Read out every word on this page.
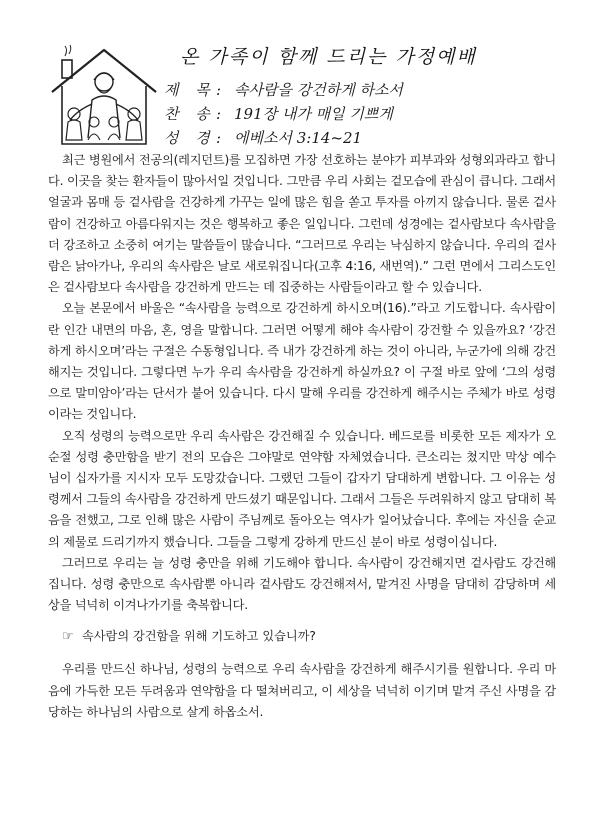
온 가족이 함께 드리는 가정예배
제 목: 속사람을 강건하게 하소서
찬 송: 191장 내가 매일 기쁘게
성 경: 에베소서 3:14~21

최근 병원에서 전공의(레지던트)를 모집하면 가장 선호하는 분야가 피부과와 성형외과라고 합니다. 이곳을 찾는 환자들이 많아서일 것입니다. 그만큼 우리 사회는 겉모습에 관심이 큽니다. 그래서 얼굴과 몸매 등 겉사람을 건강하게 가꾸는 일에 많은 힘을 쏟고 투자를 아끼지 않습니다. 물론 겉사람이 건강하고 아름다워지는 것은 행복하고 좋은 일입니다. 그런데 성경에는 겉사람보다 속사람을 더 강조하고 소중히 여기는 말씀들이 많습니다. “그러므로 우리는 낙심하지 않습니다. 우리의 겉사람은 낡아가나, 우리의 속사람은 날로 새로워집니다(고후 4:16, 새번역).” 그런 면에서 그리스도인은 겉사람보다 속사람을 강건하게 만드는 데 집중하는 사람들이라고 할 수 있습니다.

오늘 본문에서 바울은 “속사람을 능력으로 강건하게 하시오며(16).”라고 기도합니다. 속사람이란 인간 내면의 마음, 혼, 영을 말합니다. 그러면 어떻게 해야 속사람이 강건할 수 있을까요? ‘강건하게 하시오며’라는 구절은 수동형입니다. 즉 내가 강건하게 하는 것이 아니라, 누군가에 의해 강건해지는 것입니다. 그렇다면 누가 우리 속사람을 강건하게 하실까요? 이 구절 바로 앞에 ‘그의 성령으로 말미암아’라는 단서가 붙어 있습니다. 다시 말해 우리를 강건하게 해주시는 주체가 바로 성령이라는 것입니다.

오직 성령의 능력으로만 우리 속사람은 강건해질 수 있습니다. 베드로를 비롯한 모든 제자가 오순절 성령 충만함을 받기 전의 모습은 그야말로 연약함 자체였습니다. 큰소리는 쳤지만 막상 예수님이 십자가를 지시자 모두 도망갔습니다. 그랬던 그들이 갑자기 담대하게 변합니다. 그 이유는 성령께서 그들의 속사람을 강건하게 만드셨기 때문입니다. 그래서 그들은 두려워하지 않고 담대히 복음을 전했고, 그로 인해 많은 사람이 주님께로 돌아오는 역사가 일어났습니다. 후에는 자신을 순교의 제물로 드리기까지 했습니다. 그들을 그렇게 강하게 만드신 분이 바로 성령이십니다.

그러므로 우리는 늘 성령 충만을 위해 기도해야 합니다. 속사람이 강건해지면 겉사람도 강건해집니다. 성령 충만으로 속사람뿐 아니라 겉사람도 강건해져서, 맡겨진 사명을 담대히 감당하며 세상을 넉넉히 이겨나가기를 축복합니다.

☞ 속사람의 강건함을 위해 기도하고 있습니까?

우리를 만드신 하나님, 성령의 능력으로 우리 속사람을 강건하게 해주시기를 원합니다. 우리 마음에 가득한 모든 두려움과 연약함을 다 떨쳐버리고, 이 세상을 넉넉히 이기며 맡겨 주신 사명을 감당하는 하나님의 사람으로 살게 하옵소서.
